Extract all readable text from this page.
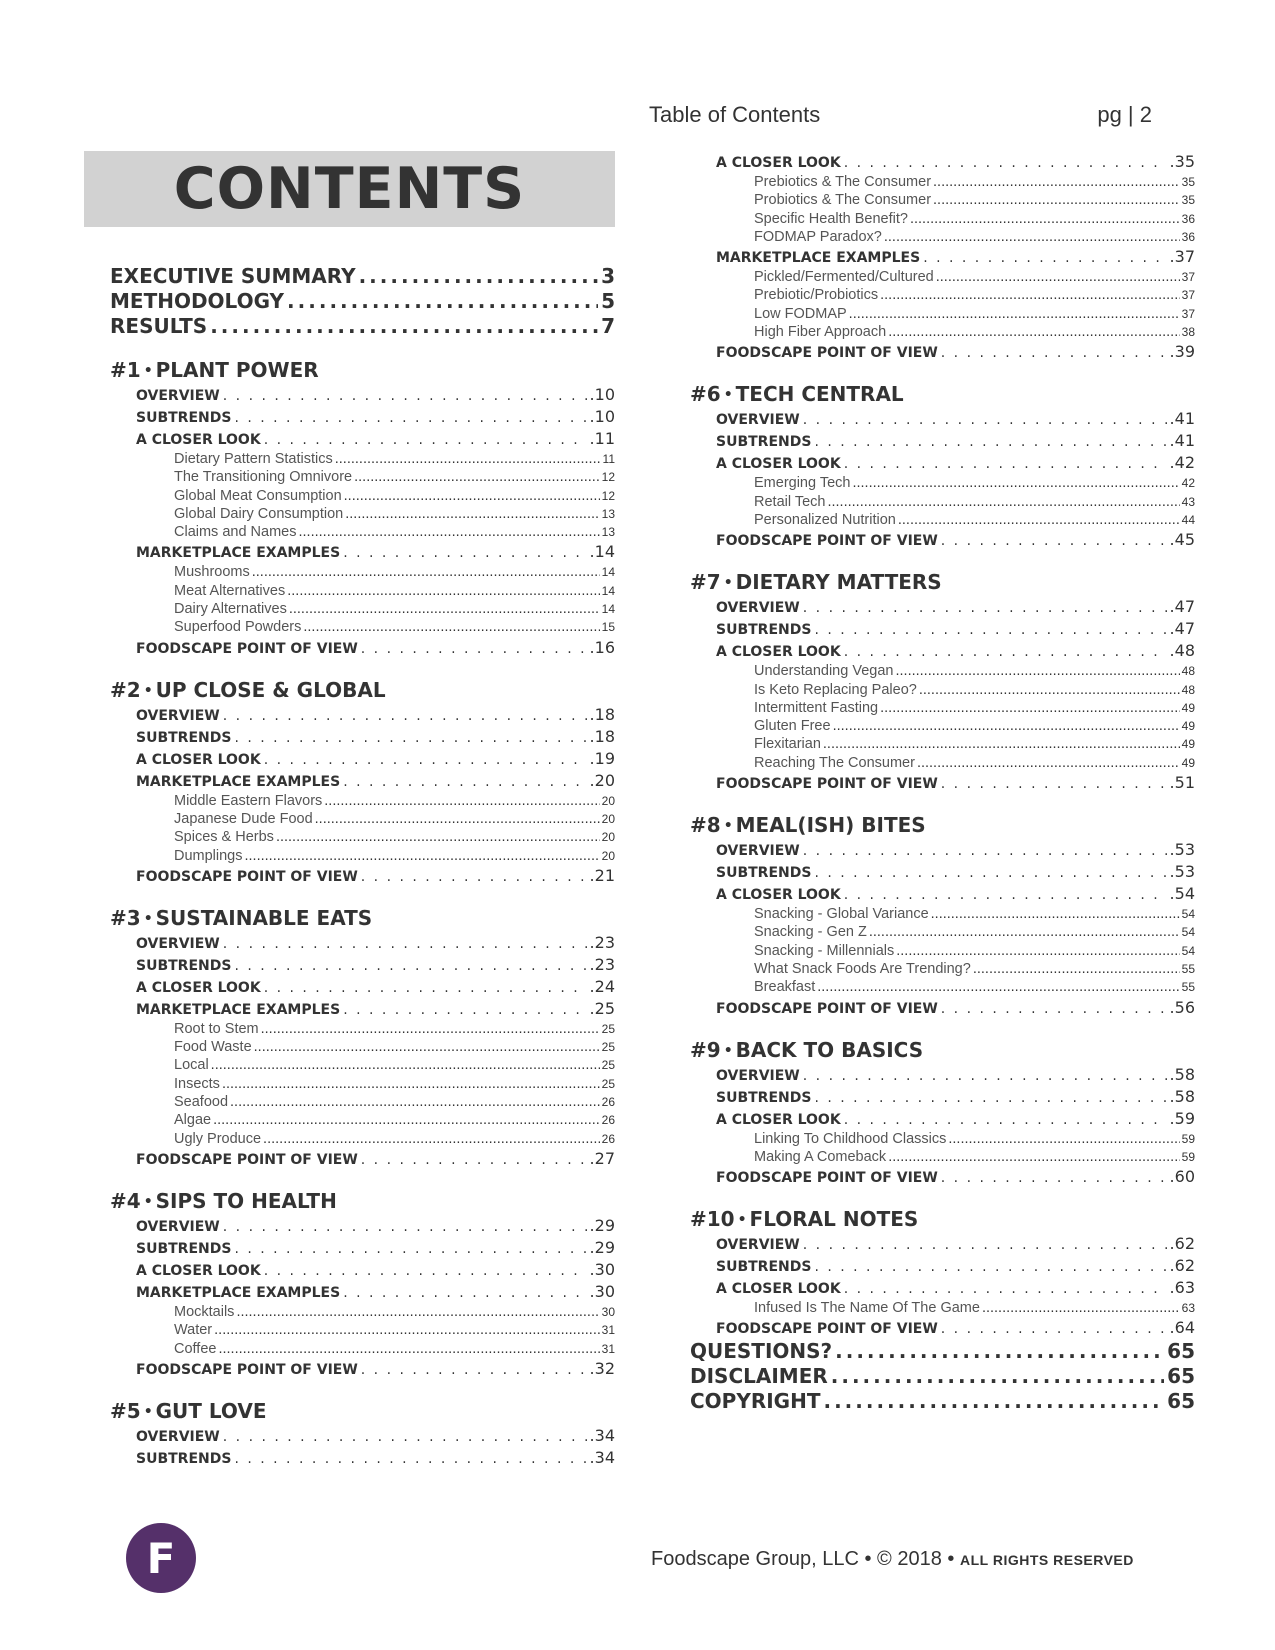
Table of Contents	pg | 2
CONTENTS
EXECUTIVE SUMMARY .....	3
METHODOLOGY .....	5
RESULTS .....	7
#1 • PLANT POWER
OVERVIEW . . .	.10
SUBTRENDS . . .	.10
A CLOSER LOOK . . .	.11
Dietary Pattern Statistics .....	11
The Transitioning Omnivore .....	12
Global Meat Consumption .....	12
Global Dairy Consumption .....	13
Claims and Names .....	13
MARKETPLACE EXAMPLES . . .	.14
Mushrooms .....	14
Meat Alternatives .....	14
Dairy Alternatives .....	14
Superfood Powders .....	15
FOODSCAPE POINT OF VIEW . . .	.16
#2 • UP CLOSE & GLOBAL
OVERVIEW . . .	.18
SUBTRENDS . . .	.18
A CLOSER LOOK . . .	.19
MARKETPLACE EXAMPLES . . .	.20
Middle Eastern Flavors .....	20
Japanese Dude Food .....	20
Spices & Herbs .....	20
Dumplings .....	20
FOODSCAPE POINT OF VIEW . . .	.21
#3 • SUSTAINABLE EATS
OVERVIEW . . .	.23
SUBTRENDS . . .	.23
A CLOSER LOOK . . .	.24
MARKETPLACE EXAMPLES . . .	.25
Root to Stem .....	25
Food Waste .....	25
Local .....	25
Insects .....	25
Seafood .....	26
Algae .....	26
Ugly Produce .....	26
FOODSCAPE POINT OF VIEW . . .	.27
#4 • SIPS TO HEALTH
OVERVIEW . . .	.29
SUBTRENDS . . .	.29
A CLOSER LOOK . . .	.30
MARKETPLACE EXAMPLES . . .	.30
Mocktails .....	30
Water .....	31
Coffee .....	31
FOODSCAPE POINT OF VIEW . . .	.32
#5 • GUT LOVE
OVERVIEW . . .	.34
SUBTRENDS . . .	.34
A CLOSER LOOK . . .	.35
Prebiotics & The Consumer .....	35
Probiotics & The Consumer .....	35
Specific Health Benefit? .....	36
FODMAP Paradox? .....	36
MARKETPLACE EXAMPLES . . .	.37
Pickled/Fermented/Cultured .....	37
Prebiotic/Probiotics .....	37
Low FODMAP .....	37
High Fiber Approach .....	38
FOODSCAPE POINT OF VIEW . . .	.39
#6 • TECH CENTRAL
OVERVIEW . . .	.41
SUBTRENDS . . .	.41
A CLOSER LOOK . . .	.42
Emerging Tech .....	42
Retail Tech .....	43
Personalized Nutrition .....	44
FOODSCAPE POINT OF VIEW . . .	.45
#7 • DIETARY MATTERS
OVERVIEW . . .	.47
SUBTRENDS . . .	.47
A CLOSER LOOK . . .	.48
Understanding Vegan .....	48
Is Keto Replacing Paleo? .....	48
Intermittent Fasting .....	49
Gluten Free .....	49
Flexitarian .....	49
Reaching The Consumer .....	49
FOODSCAPE POINT OF VIEW . . .	.51
#8 • MEAL(ISH) BITES
OVERVIEW . . .	.53
SUBTRENDS . . .	.53
A CLOSER LOOK . . .	.54
Snacking - Global Variance .....	54
Snacking - Gen Z .....	54
Snacking - Millennials .....	54
What Snack Foods Are Trending? .....	55
Breakfast .....	55
FOODSCAPE POINT OF VIEW . . .	.56
#9 • BACK TO BASICS
OVERVIEW . . .	.58
SUBTRENDS . . .	.58
A CLOSER LOOK . . .	.59
Linking To Childhood Classics .....	59
Making A Comeback .....	59
FOODSCAPE POINT OF VIEW . . .	.60
#10 • FLORAL NOTES
OVERVIEW . . .	.62
SUBTRENDS . . .	.62
A CLOSER LOOK . . .	.63
Infused Is The Name Of The Game .....	63
FOODSCAPE POINT OF VIEW . . .	.64
QUESTIONS? .....	65
DISCLAIMER .....	65
COPYRIGHT .....	65
F	Foodscape Group, LLC • © 2018 • ALL RIGHTS RESERVED
